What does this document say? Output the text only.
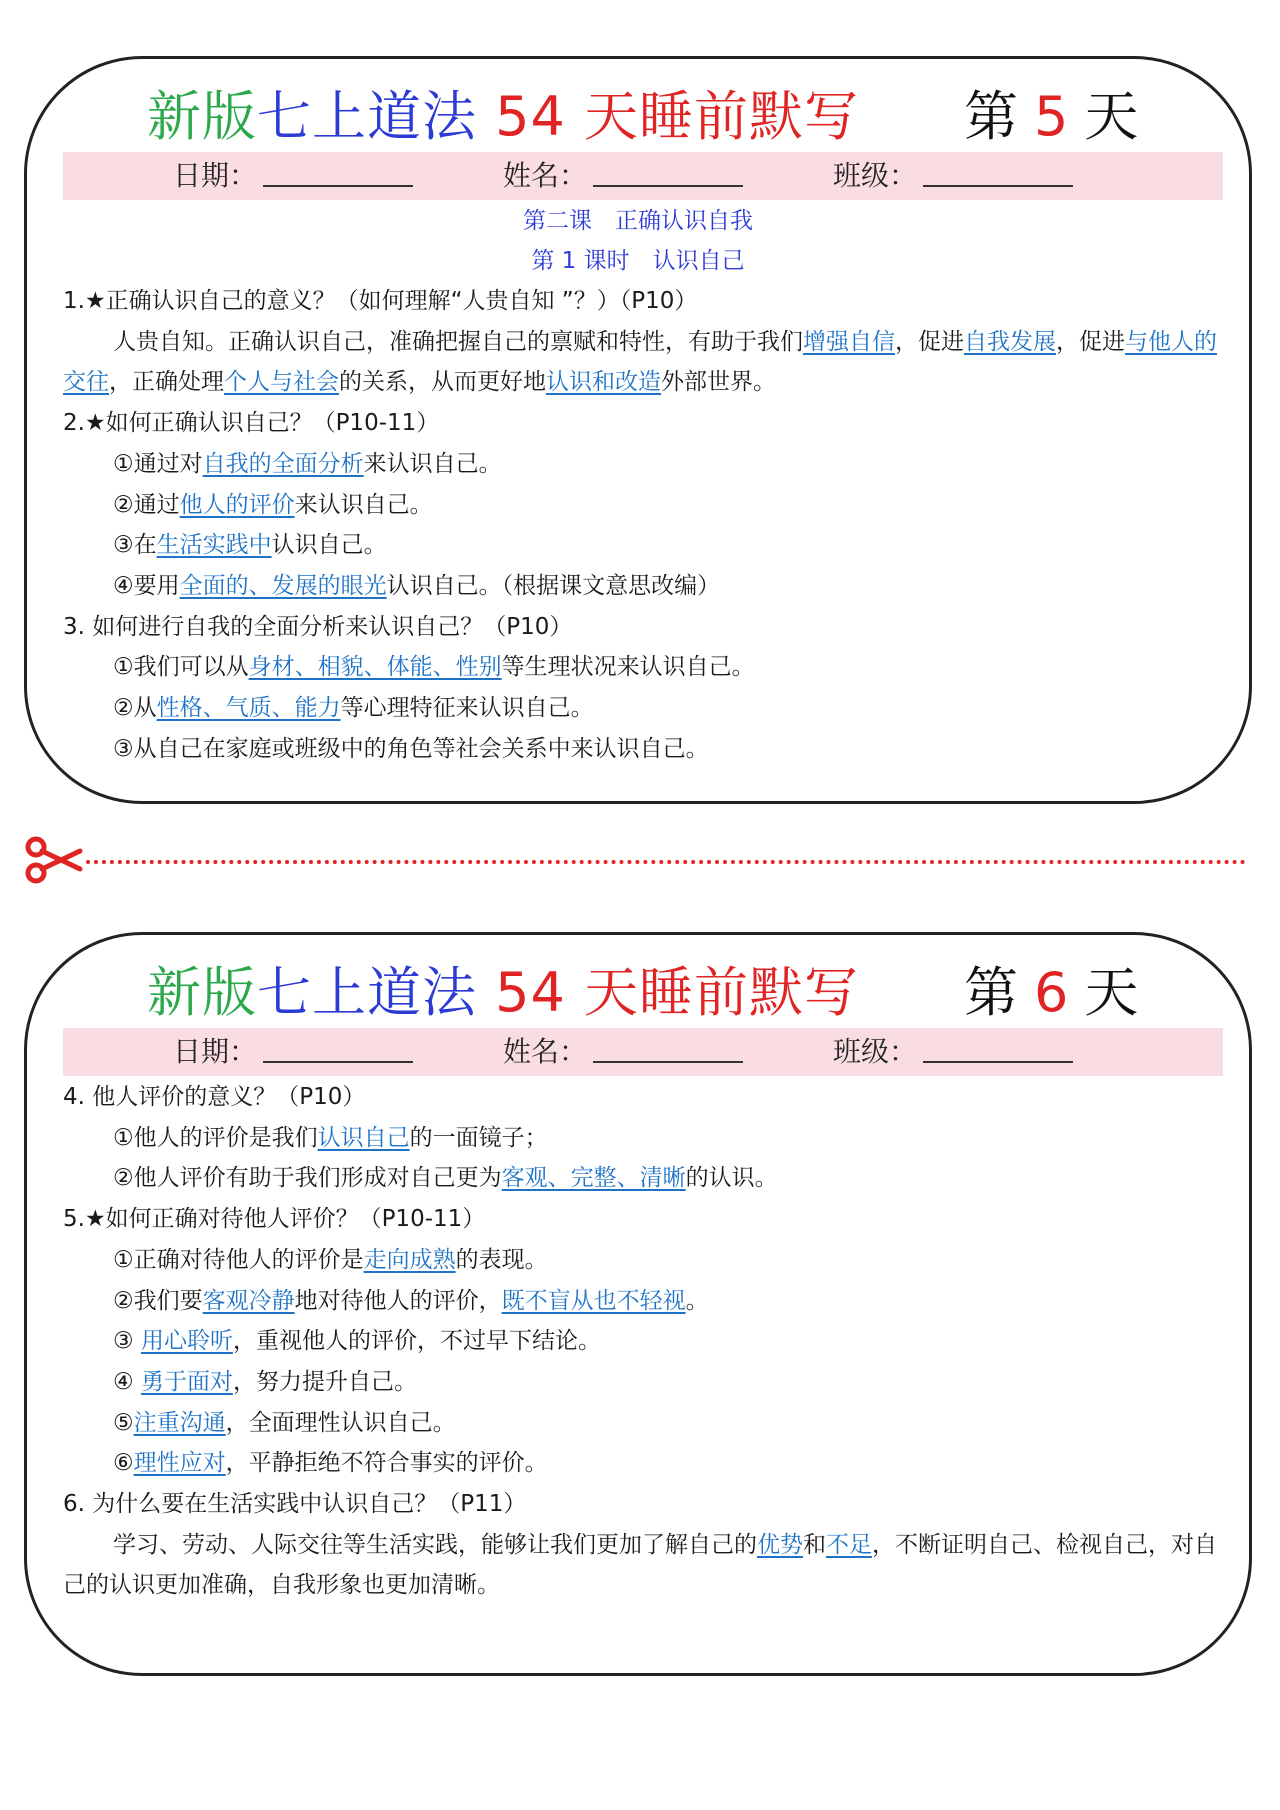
新版七上道法 54 天睡前默写 第 5 天
日期：	姓名：	班级：
第二课　正确认识自我
第 1 课时　认识自己

1.★正确认识自己的意义？（如何理解“人贵自知 ”？）（P10）

人贵自知。正确认识自己，准确把握自己的禀赋和特性，有助于我们增强自信，促进自我发展，促进与他人的交往，正确处理个人与社会的关系，从而更好地认识和改造外部世界。

2.★如何正确认识自己？（P10-11）

①通过对自我的全面分析来认识自己。

②通过他人的评价来认识自己。

③在生活实践中认识自己。

④要用全面的、发展的眼光认识自己。（根据课文意思改编）

3. 如何进行自我的全面分析来认识自己？（P10）

①我们可以从身材、相貌、体能、性别等生理状况来认识自己。

②从性格、气质、能力等心理特征来认识自己。

③从自己在家庭或班级中的角色等社会关系中来认识自己。

新版七上道法 54 天睡前默写 第 6 天
日期：	姓名：	班级：

4. 他人评价的意义？（P10）

①他人的评价是我们认识自己的一面镜子；

②他人评价有助于我们形成对自己更为客观、完整、清晰的认识。

5.★如何正确对待他人评价？（P10-11）

①正确对待他人的评价是走向成熟的表现。

②我们要客观冷静地对待他人的评价，既不盲从也不轻视。

③ 用心聆听，重视他人的评价，不过早下结论。

④ 勇于面对，努力提升自己。

⑤注重沟通，全面理性认识自己。

⑥理性应对，平静拒绝不符合事实的评价。

6. 为什么要在生活实践中认识自己？（P11）

学习、劳动、人际交往等生活实践，能够让我们更加了解自己的优势和不足，不断证明自己、检视自己，对自己的认识更加准确，自我形象也更加清晰。
